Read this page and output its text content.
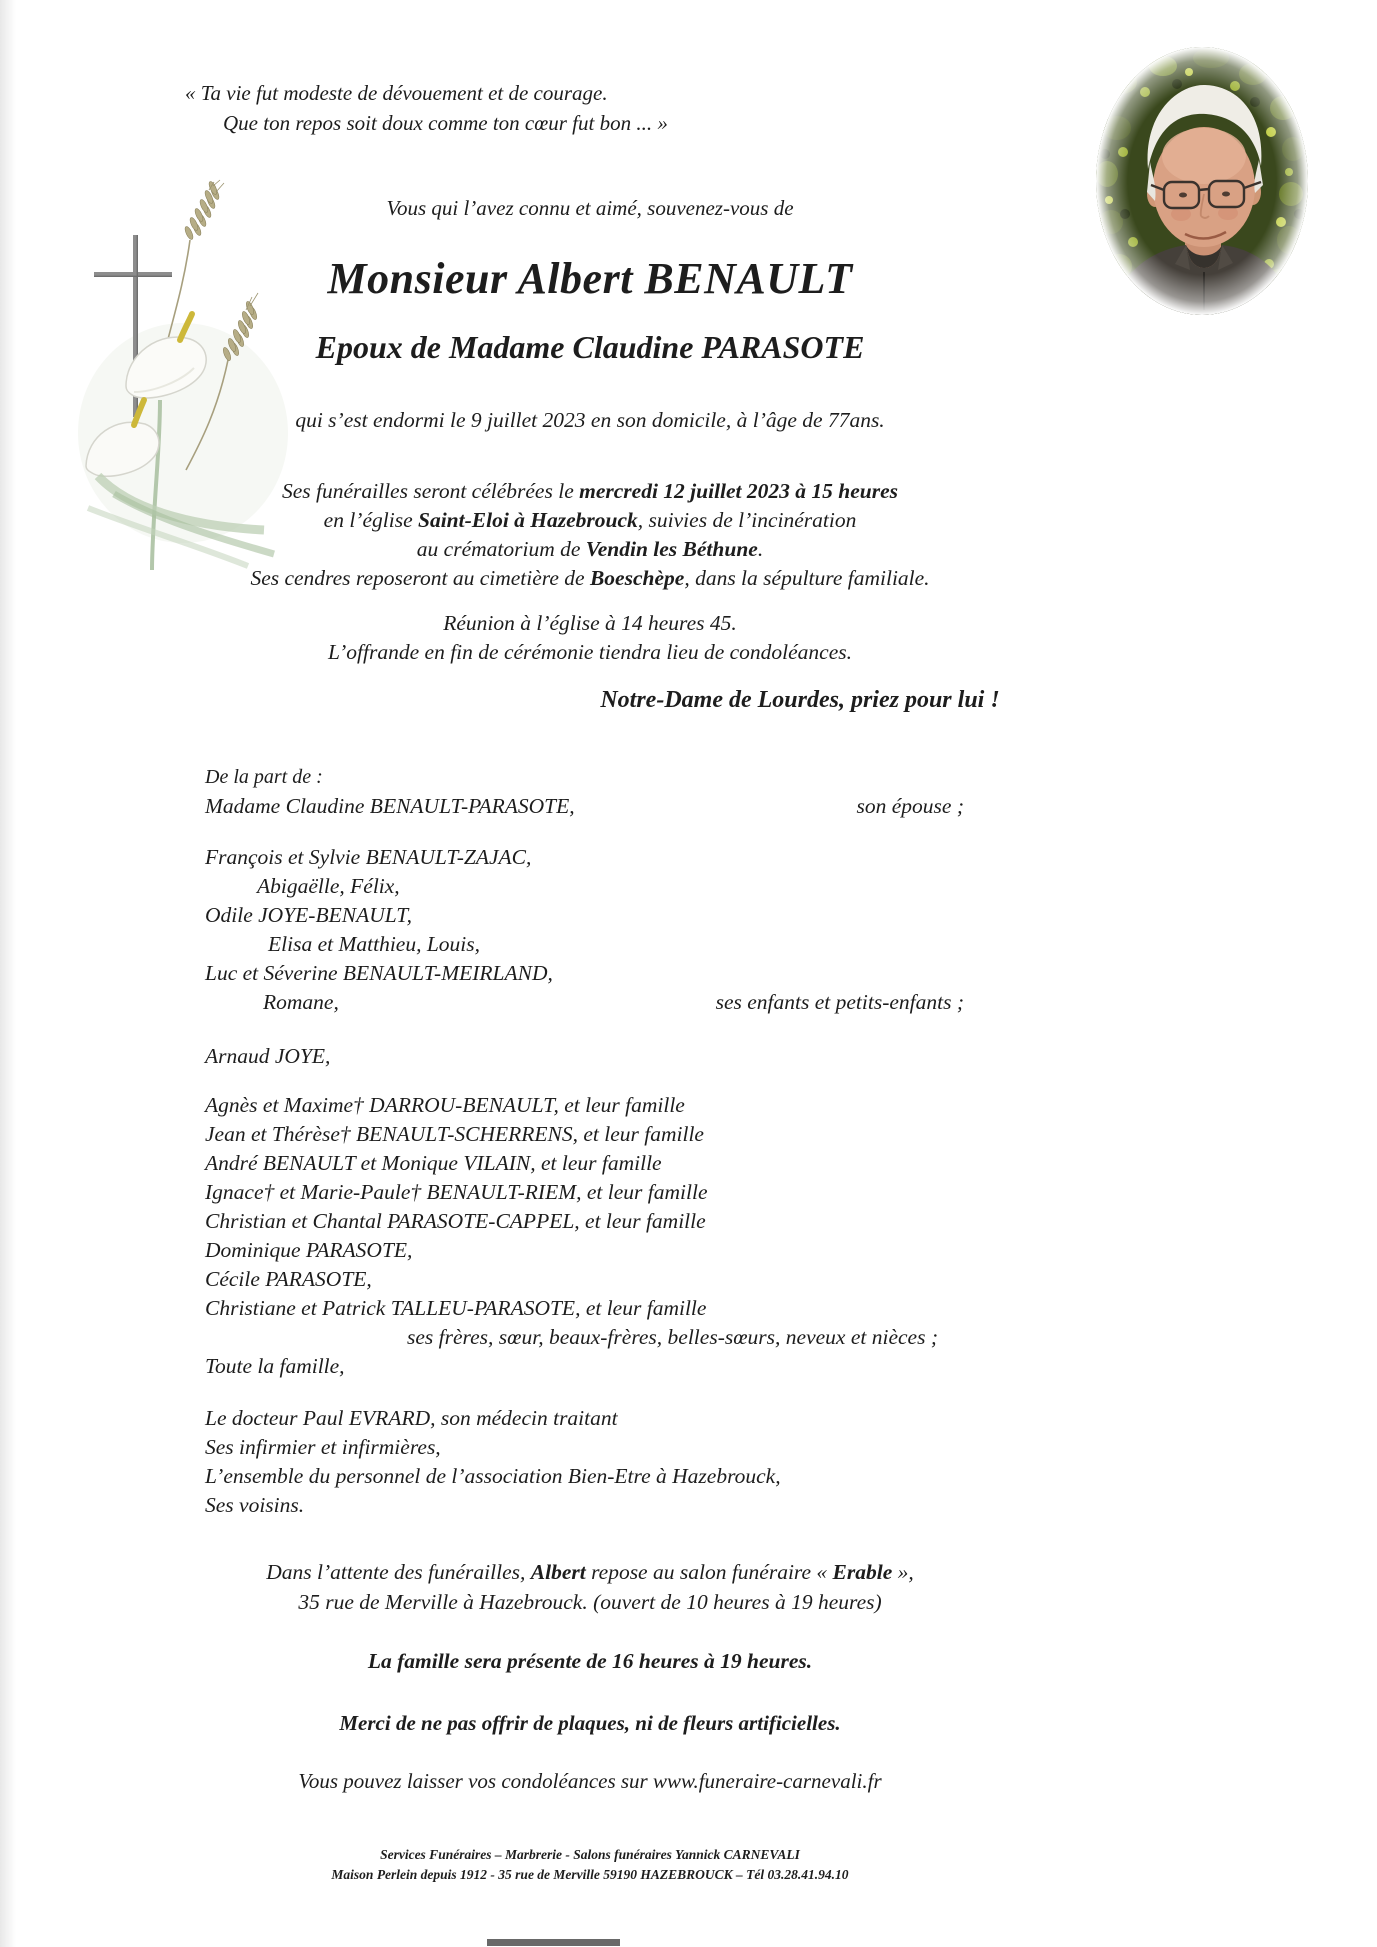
« Ta vie fut modeste de dévouement et de courage.
Que ton repos soit doux comme ton cœur fut bon ... »
Vous qui l’avez connu et aimé, souvenez-vous de
Monsieur Albert BENAULT
Epoux de Madame Claudine PARASOTE
qui s’est endormi le 9 juillet 2023 en son domicile, à l’âge de 77ans.
Ses funérailles seront célébrées le mercredi 12 juillet 2023 à 15 heures
en l’église Saint-Eloi à Hazebrouck, suivies de l’incinération
au crématorium de Vendin les Béthune.
Ses cendres reposeront au cimetière de Boeschèpe, dans la sépulture familiale.
Réunion à l’église à 14 heures 45.
L’offrande en fin de cérémonie tiendra lieu de condoléances.
Notre-Dame de Lourdes, priez pour lui !
De la part de :
Madame Claudine BENAULT-PARASOTE,	son épouse ;
François et Sylvie BENAULT-ZAJAC,
Abigaëlle, Félix,
Odile JOYE-BENAULT,
Elisa et Matthieu, Louis,
Luc et Séverine BENAULT-MEIRLAND,
Romane,	ses enfants et petits-enfants ;
Arnaud JOYE,
Agnès et Maxime† DARROU-BENAULT, et leur famille
Jean et Thérèse† BENAULT-SCHERRENS, et leur famille
André BENAULT et Monique VILAIN, et leur famille
Ignace† et Marie-Paule† BENAULT-RIEM, et leur famille
Christian et Chantal PARASOTE-CAPPEL, et leur famille
Dominique PARASOTE,
Cécile PARASOTE,
Christiane et Patrick TALLEU-PARASOTE, et leur famille
ses frères, sœur, beaux-frères, belles-sœurs, neveux et nièces ;
Toute la famille,
Le docteur Paul EVRARD, son médecin traitant
Ses infirmier et infirmières,
L’ensemble du personnel de l’association Bien-Etre à Hazebrouck,
Ses voisins.
Dans l’attente des funérailles, Albert repose au salon funéraire « Erable »,
35 rue de Merville à Hazebrouck. (ouvert de 10 heures à 19 heures)
La famille sera présente de 16 heures à 19 heures.
Merci de ne pas offrir de plaques, ni de fleurs artificielles.
Vous pouvez laisser vos condoléances sur www.funeraire-carnevali.fr
Services Funéraires – Marbrerie - Salons funéraires Yannick CARNEVALI
Maison Perlein depuis 1912 - 35 rue de Merville 59190 HAZEBROUCK – Tél 03.28.41.94.10
